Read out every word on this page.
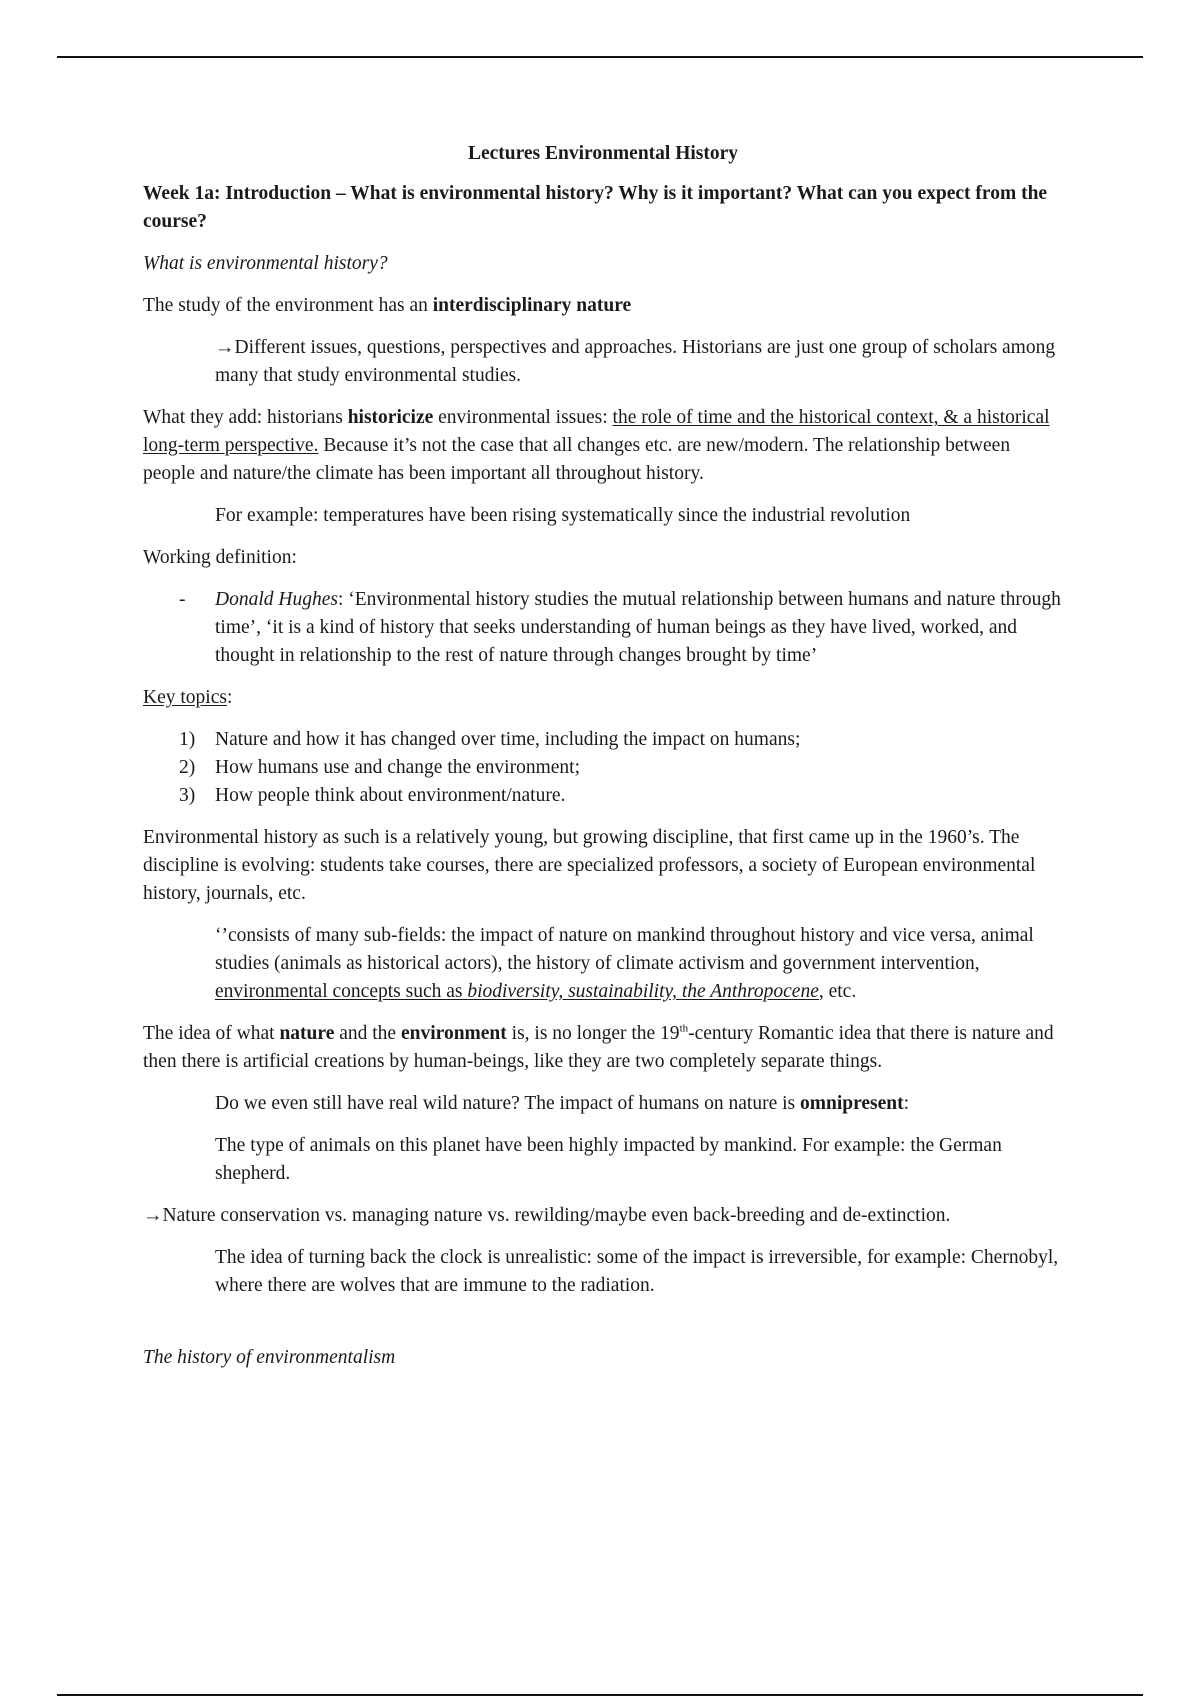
Lectures Environmental History

Week 1a: Introduction – What is environmental history? Why is it important? What can you expect from the course?

What is environmental history?

The study of the environment has an interdisciplinary nature

→Different issues, questions, perspectives and approaches. Historians are just one group of scholars among many that study environmental studies.

What they add: historians historicize environmental issues: the role of time and the historical context, & a historical long-term perspective. Because it’s not the case that all changes etc. are new/modern. The relationship between people and nature/the climate has been important all throughout history.

For example: temperatures have been rising systematically since the industrial revolution

Working definition:

- Donald Hughes: ‘Environmental history studies the mutual relationship between humans and nature through time’, ‘it is a kind of history that seeks understanding of human beings as they have lived, worked, and thought in relationship to the rest of nature through changes brought by time’

Key topics:

1) Nature and how it has changed over time, including the impact on humans;
2) How humans use and change the environment;
3) How people think about environment/nature.

Environmental history as such is a relatively young, but growing discipline, that first came up in the 1960’s. The discipline is evolving: students take courses, there are specialized professors, a society of European environmental history, journals, etc.

‘’consists of many sub-fields: the impact of nature on mankind throughout history and vice versa, animal studies (animals as historical actors), the history of climate activism and government intervention, environmental concepts such as biodiversity, sustainability, the Anthropocene, etc.

The idea of what nature and the environment is, is no longer the 19th-century Romantic idea that there is nature and then there is artificial creations by human-beings, like they are two completely separate things.

Do we even still have real wild nature? The impact of humans on nature is omnipresent:

The type of animals on this planet have been highly impacted by mankind. For example: the German shepherd.

→Nature conservation vs. managing nature vs. rewilding/maybe even back-breeding and de-extinction.

The idea of turning back the clock is unrealistic: some of the impact is irreversible, for example: Chernobyl, where there are wolves that are immune to the radiation.

The history of environmentalism
